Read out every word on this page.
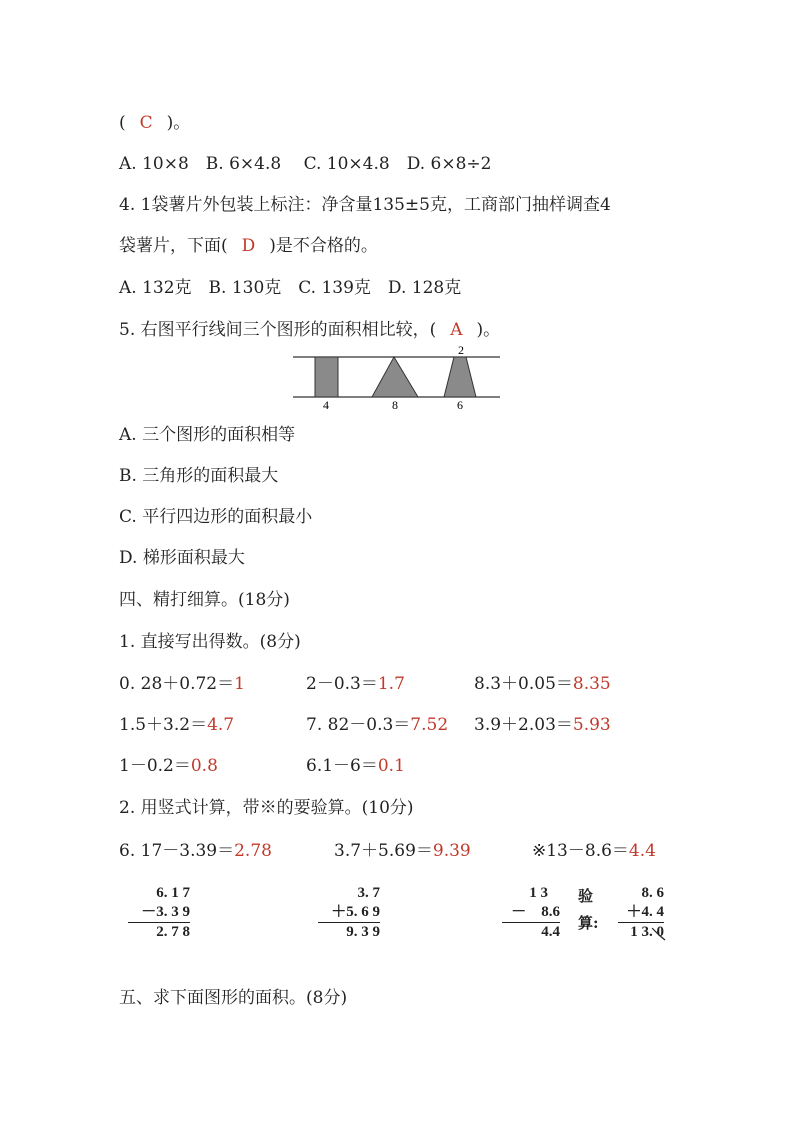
( C )。
A. 10×8　B. 6×4.8　 C. 10×4.8　D. 6×8÷2
4. 1袋薯片外包装上标注：净含量135±5克，工商部门抽样调查4
袋薯片，下面( D )是不合格的。
A. 132克　B. 130克　C. 139克　D. 128克
5. 右图平行线间三个图形的面积相比较，( A )。
4	8
2
6
A. 三个图形的面积相等
B. 三角形的面积最大
C. 平行四边形的面积最小
D. 梯形面积最大
四、精打细算。(18分)
1. 直接写出得数。(8分)
0. 28＋0.72＝1	2－0.3＝1.7	8.3＋0.05＝8.35
1.5＋3.2＝4.7	7. 82－0.3＝7.52 3.9＋2.03＝5.93
1－0.2＝0.8	6.1－6＝0.1
2. 用竖式计算，带※的要验算。(10分)
6. 17－3.39＝2.78	3.7＋5.69＝9.39	※13－8.6＝4.4
6. 1 7
－3. 3 9
2. 7 8
3. 7
＋5. 6 9
9. 3 9
1 3
－　8.6
4.4
验
算:
8. 6
＋4. 4
1 3. 0
五、求下面图形的面积。(8分)
